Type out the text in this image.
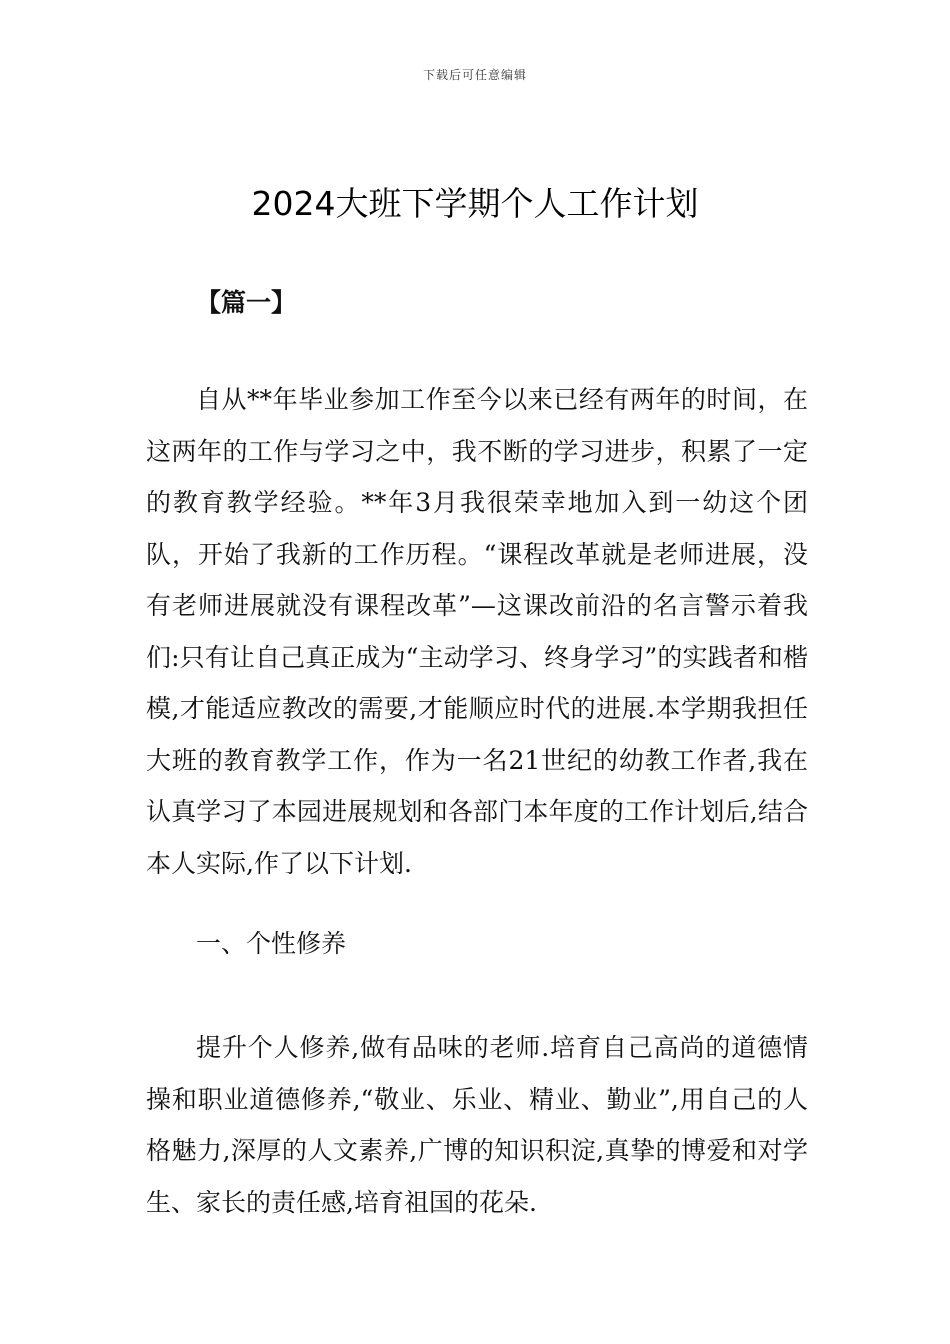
下载后可任意编辑
2024大班下学期个人工作计划
【篇一】

自从**年毕业参加工作至今以来已经有两年的时间，在这两年的工作与学习之中，我不断的学习进步，积累了一定的教育教学经验。**年3月我很荣幸地加入到一幼这个团队，开始了我新的工作历程。“课程改革就是老师进展，没有老师进展就没有课程改革”—这课改前沿的名言警示着我们:只有让自己真正成为“主动学习、终身学习”的实践者和楷模,才能适应教改的需要,才能顺应时代的进展.本学期我担任大班的教育教学工作，作为一名21世纪的幼教工作者,我在认真学习了本园进展规划和各部门本年度的工作计划后,结合本人实际,作了以下计划.

一、个性修养

提升个人修养,做有品味的老师.培育自己高尚的道德情操和职业道德修养,“敬业、乐业、精业、勤业”,用自己的人格魅力,深厚的人文素养,广博的知识积淀,真挚的博爱和对学生、家长的责任感,培育祖国的花朵.
